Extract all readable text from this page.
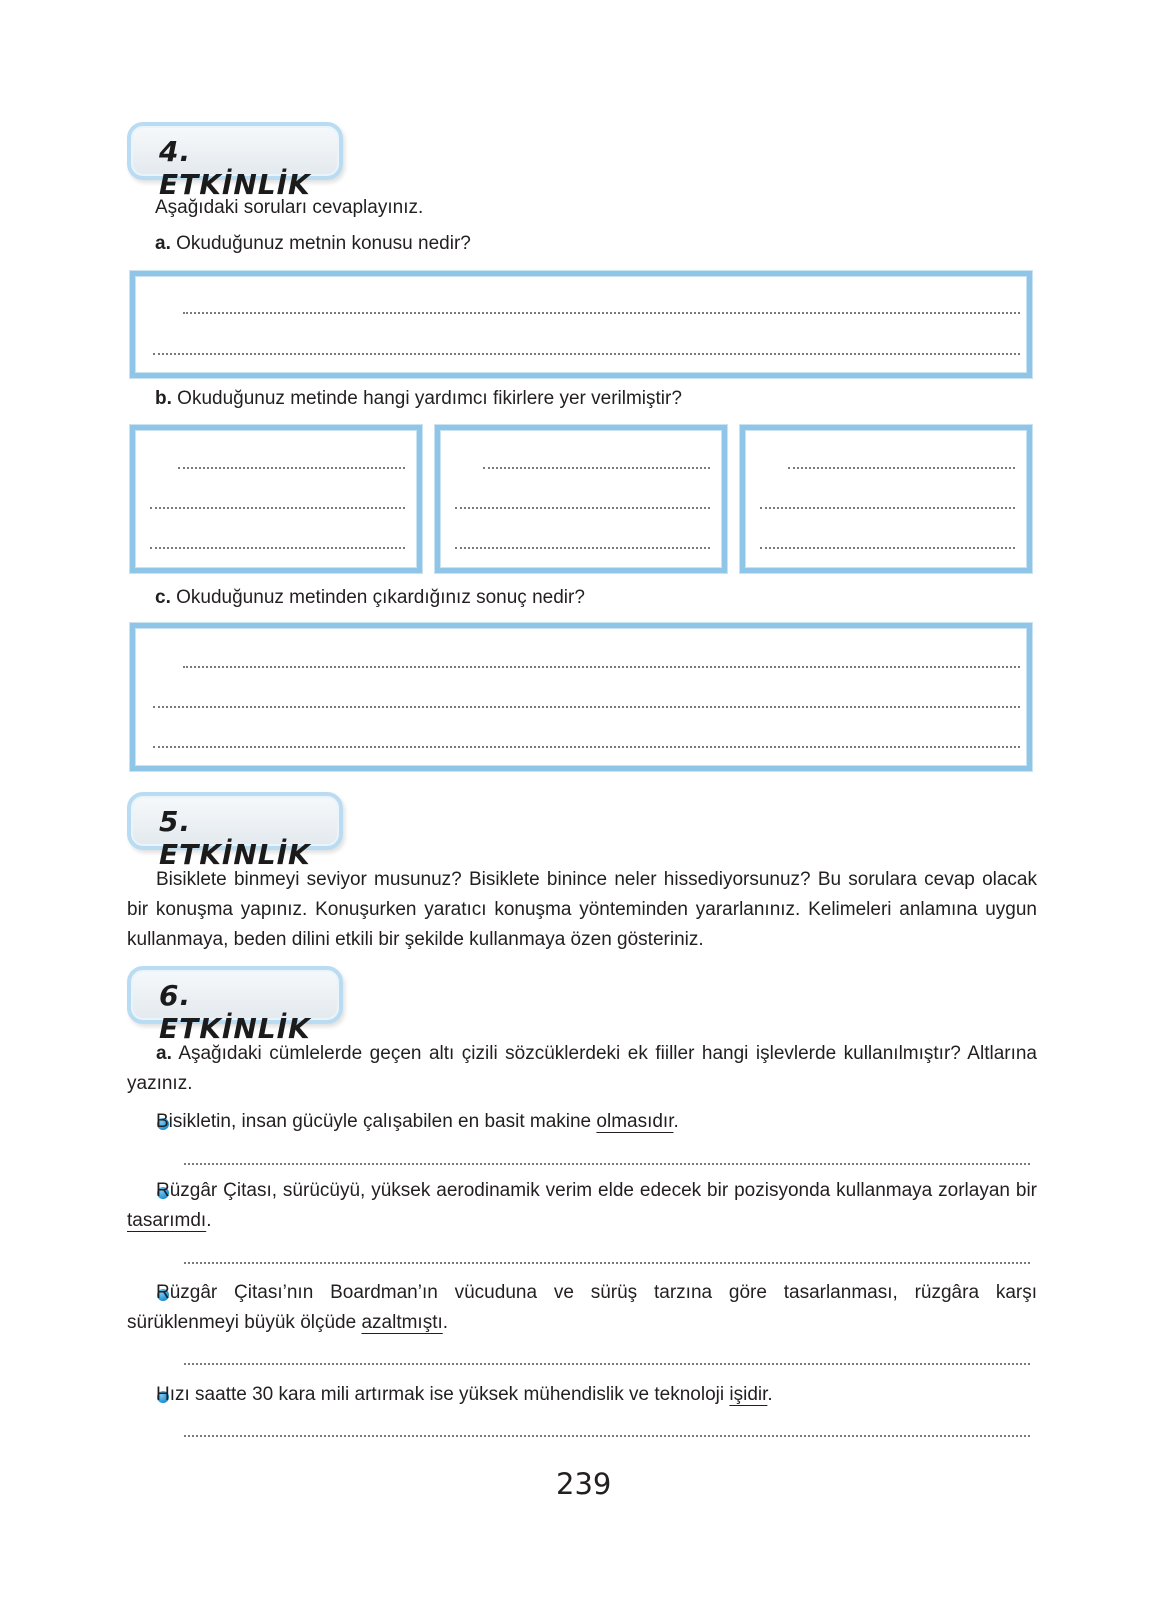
4. ETKİNLİK
Aşağıdaki soruları cevaplayınız.
a. Okuduğunuz metnin konusu nedir?
b. Okuduğunuz metinde hangi yardımcı fikirlere yer verilmiştir?
c. Okuduğunuz metinden çıkardığınız sonuç nedir?
5. ETKİNLİK
Bisiklete binmeyi seviyor musunuz? Bisiklete binince neler hissediyorsunuz? Bu sorulara cevap olacak bir konuşma yapınız. Konuşurken yaratıcı konuşma yönteminden yararlanınız. Kelimeleri anlamına uygun kullanmaya, beden dilini etkili bir şekilde kullanmaya özen gösteriniz.
6. ETKİNLİK
a. Aşağıdaki cümlelerde geçen altı çizili sözcüklerdeki ek fiiller hangi işlevlerde kullanılmıştır? Altlarına yazınız.
Bisikletin, insan gücüyle çalışabilen en basit makine olmasıdır.
Rüzgâr Çitası, sürücüyü, yüksek aerodinamik verim elde edecek bir pozisyonda kullanmaya zorlayan bir tasarımdı.
Rüzgâr Çitası’nın Boardman’ın vücuduna ve sürüş tarzına göre tasarlanması, rüzgâra karşı sürüklenmeyi büyük ölçüde azaltmıştı.
Hızı saatte 30 kara mili artırmak ise yüksek mühendislik ve teknoloji işidir.
239
